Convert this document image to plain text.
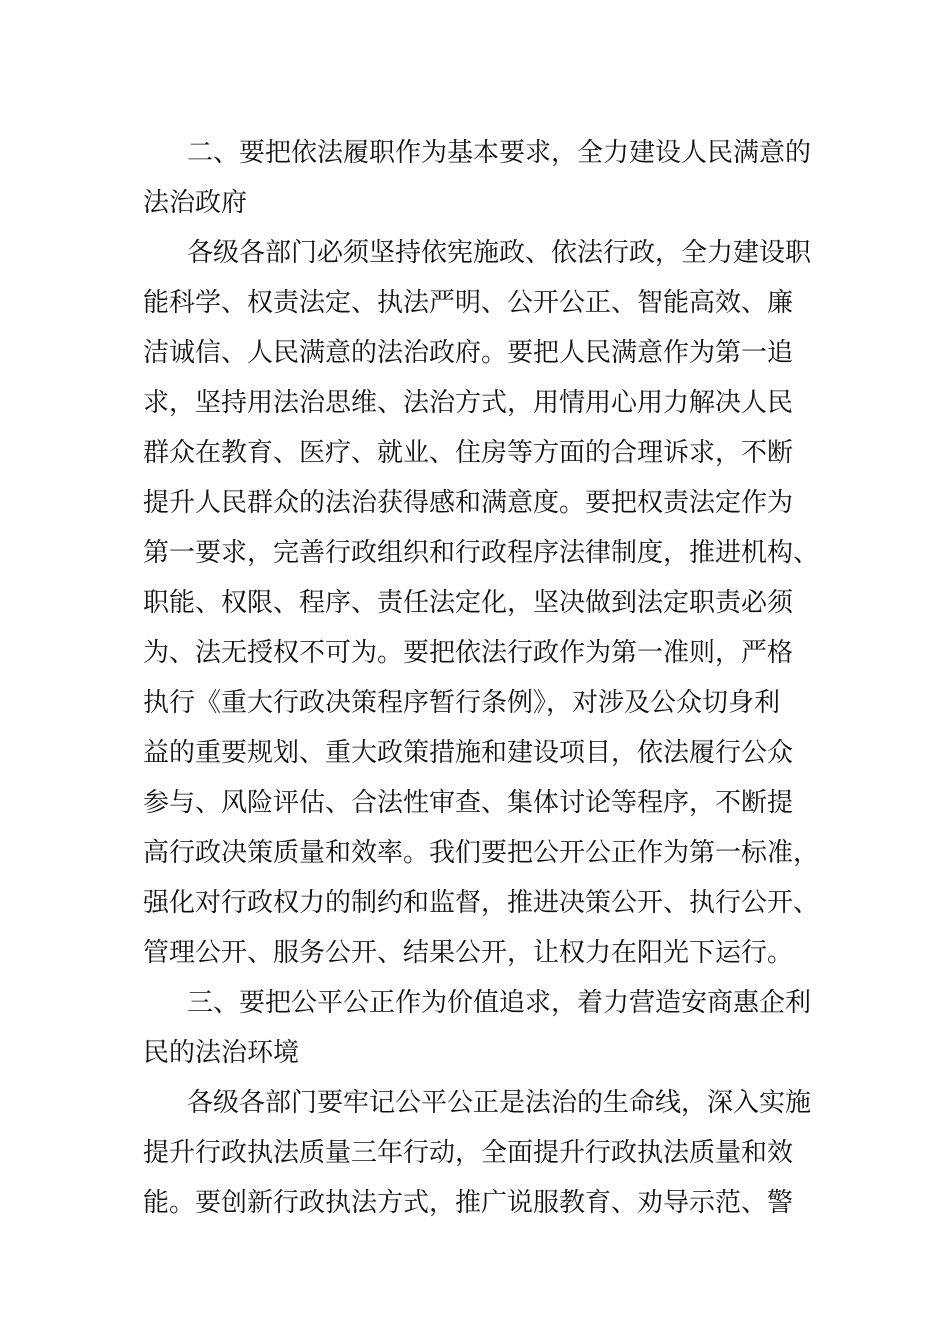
二、要把依法履职作为基本要求，全力建设人民满意的
法治政府
各级各部门必须坚持依宪施政、依法行政，全力建设职
能科学、权责法定、执法严明、公开公正、智能高效、廉
洁诚信、人民满意的法治政府。要把人民满意作为第一追
求，坚持用法治思维、法治方式，用情用心用力解决人民
群众在教育、医疗、就业、住房等方面的合理诉求，不断
提升人民群众的法治获得感和满意度。要把权责法定作为
第一要求，完善行政组织和行政程序法律制度，推进机构、
职能、权限、程序、责任法定化，坚决做到法定职责必须
为、法无授权不可为。要把依法行政作为第一准则，严格
执行《重大行政决策程序暂行条例》，对涉及公众切身利
益的重要规划、重大政策措施和建设项目，依法履行公众
参与、风险评估、合法性审查、集体讨论等程序，不断提
高行政决策质量和效率。我们要把公开公正作为第一标准，
强化对行政权力的制约和监督，推进决策公开、执行公开、
管理公开、服务公开、结果公开，让权力在阳光下运行。
三、要把公平公正作为价值追求，着力营造安商惠企利
民的法治环境
各级各部门要牢记公平公正是法治的生命线，深入实施
提升行政执法质量三年行动，全面提升行政执法质量和效
能。要创新行政执法方式，推广说服教育、劝导示范、警
